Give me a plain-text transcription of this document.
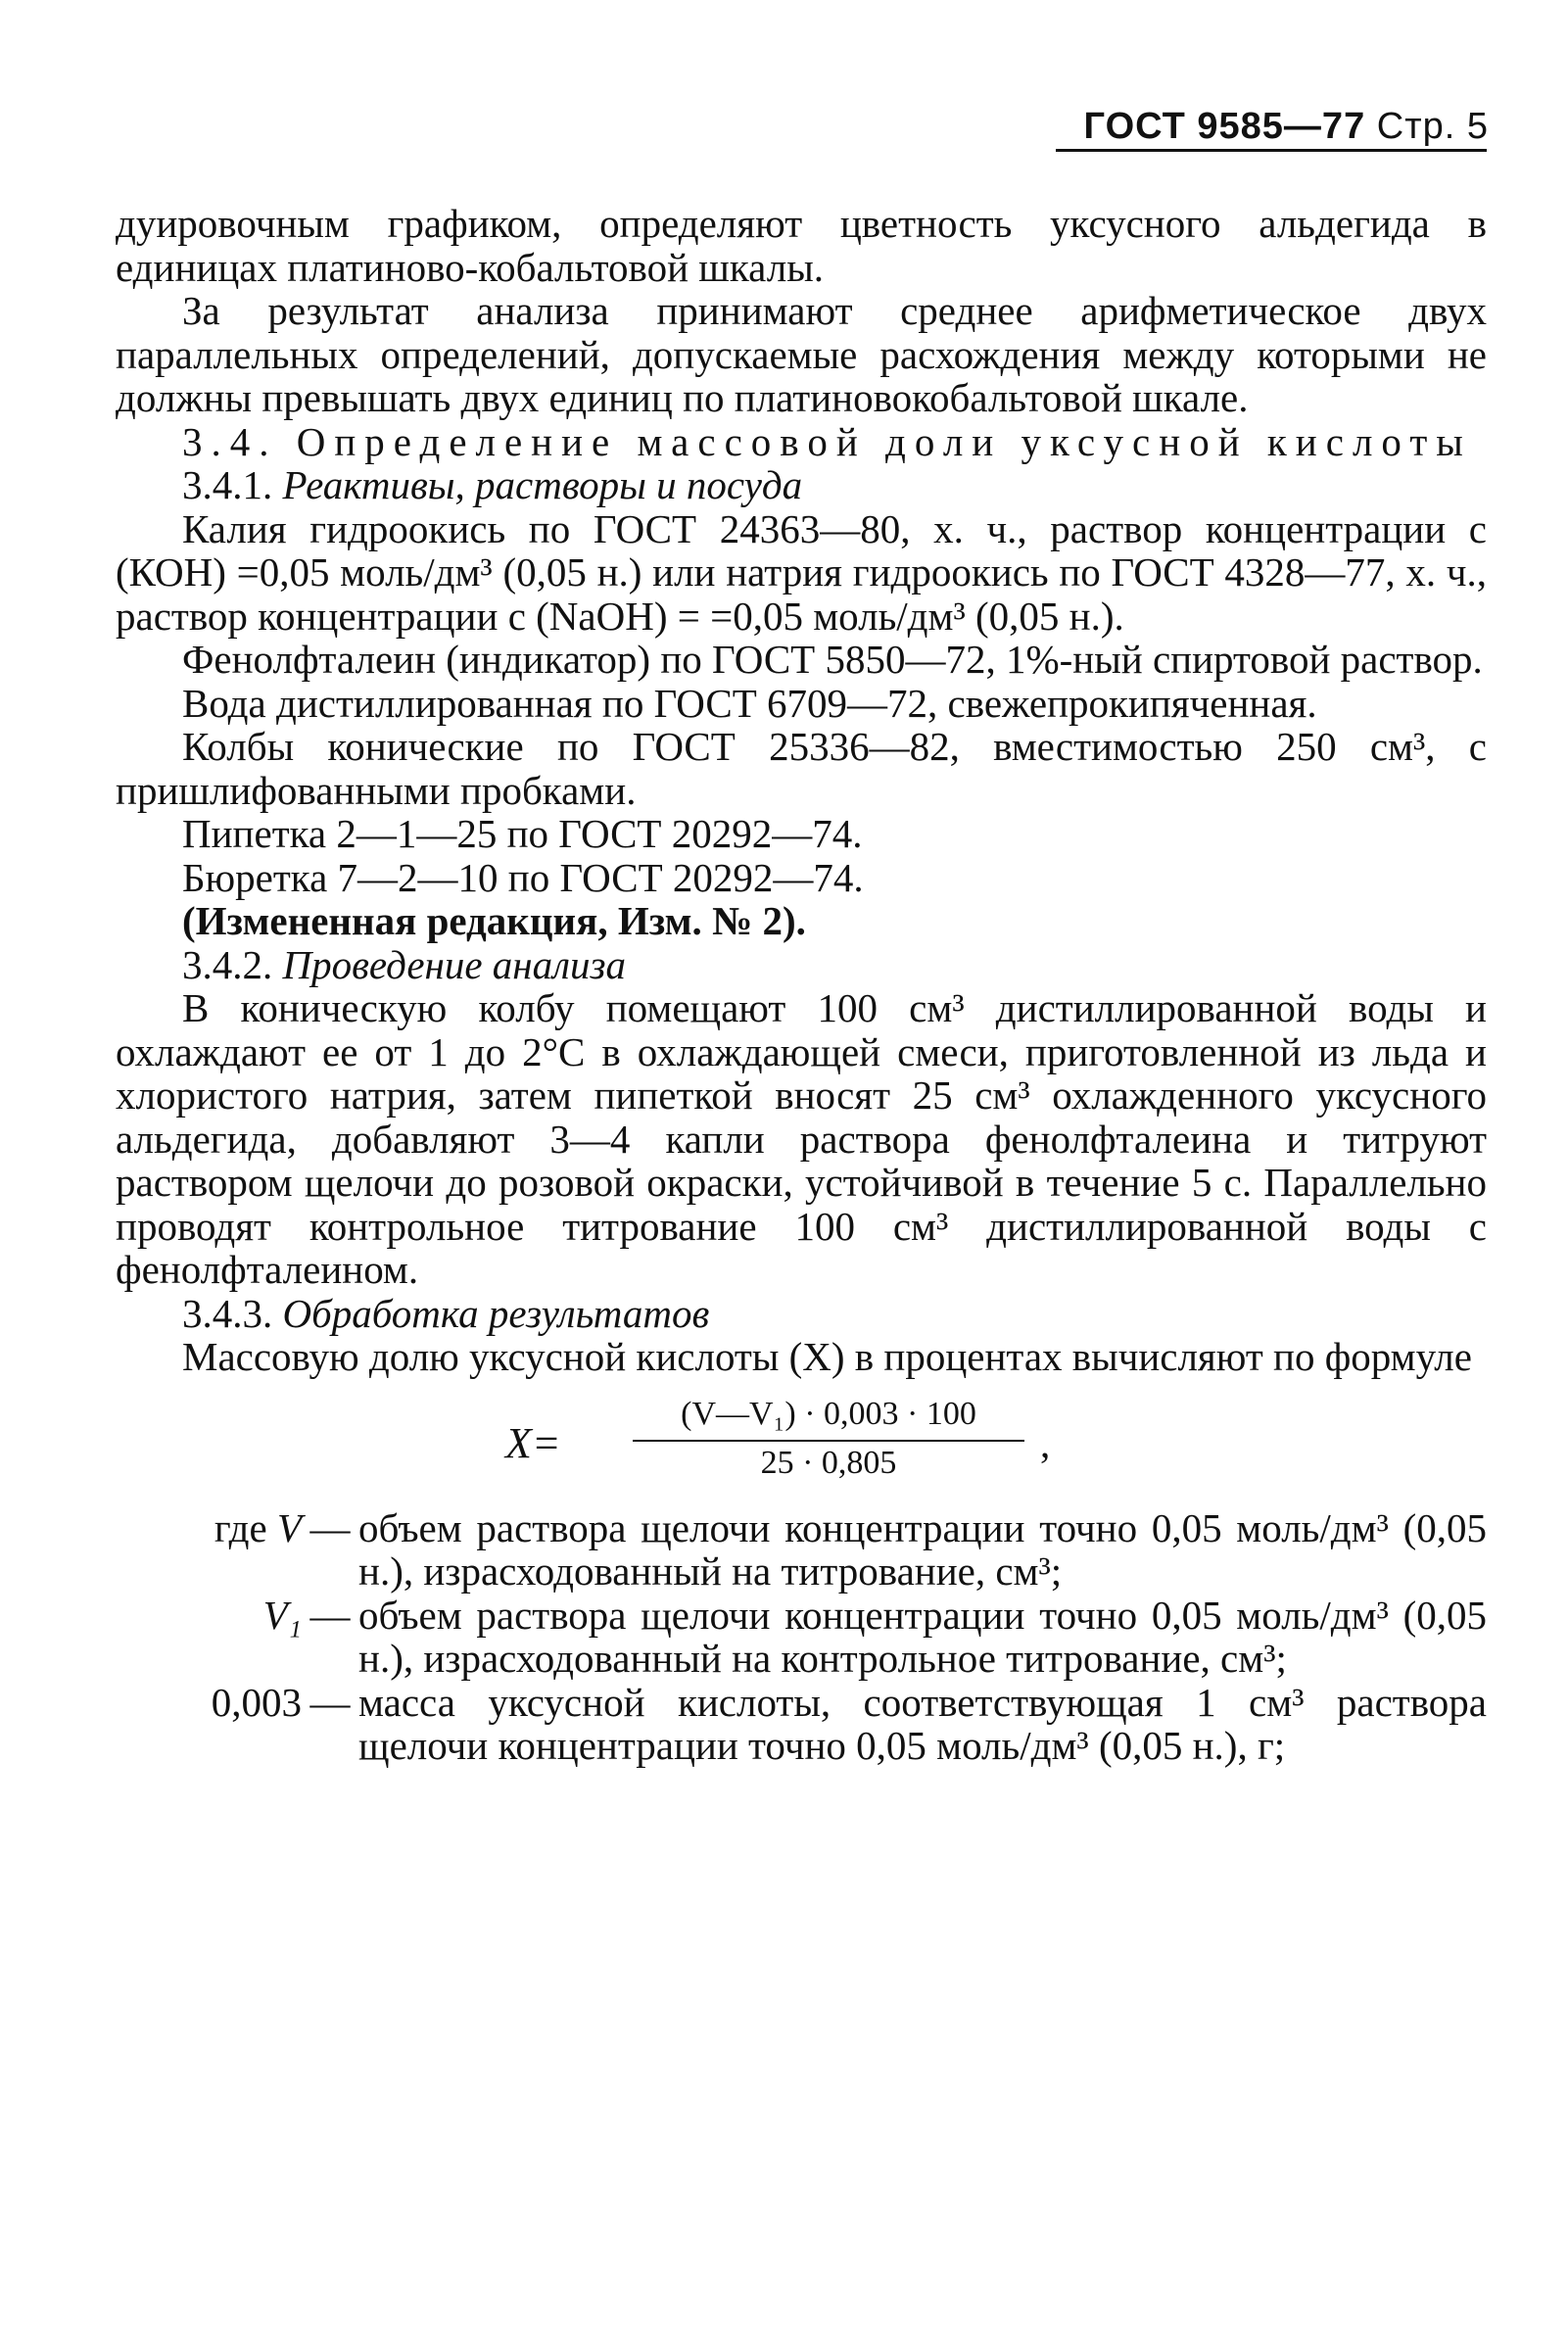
ГОСТ 9585—77 Стр. 5

дуировочным графиком, определяют цветность уксусного альдегида в единицах платиново-кобальтовой шкалы.

За результат анализа принимают среднее арифметическое двух параллельных определений, допускаемые расхождения между которыми не должны превышать двух единиц по платиновокобальтовой шкале.

3.4. Определение массовой доли уксусной кислоты

3.4.1. Реактивы, растворы и посуда

Калия гидроокись по ГОСТ 24363—80, х. ч., раствор концентрации с (КОН) =0,05 моль/дм³ (0,05 н.) или натрия гидроокись по ГОСТ 4328—77, х. ч., раствор концентрации с (NaOH) = =0,05 моль/дм³ (0,05 н.).

Фенолфталеин (индикатор) по ГОСТ 5850—72, 1%-ный спиртовой раствор.

Вода дистиллированная по ГОСТ 6709—72, свежепрокипяченная.

Колбы конические по ГОСТ 25336—82, вместимостью 250 см³, с пришлифованными пробками.

Пипетка 2—1—25 по ГОСТ 20292—74.

Бюретка 7—2—10 по ГОСТ 20292—74.

(Измененная редакция, Изм. № 2).

3.4.2. Проведение анализа

В коническую колбу помещают 100 см³ дистиллированной воды и охлаждают ее от 1 до 2°С в охлаждающей смеси, приготовленной из льда и хлористого натрия, затем пипеткой вносят 25 см³ охлажденного уксусного альдегида, добавляют 3—4 капли раствора фенолфталеина и титруют раствором щелочи до розовой окраски, устойчивой в течение 5 с. Параллельно проводят контрольное титрование 100 см³ дистиллированной воды с фенолфталеином.

3.4.3. Обработка результатов

Массовую долю уксусной кислоты (X) в процентах вычисляют по формуле

$X= \frac{\text{(V—V₁) · 0,003 · 100}}{25 \cdot 0,805}$ ,
где V — объем раствора щелочи концентрации точно 0,05 моль/дм³ (0,05 н.), израсходованный на титрование, см³;
V₁ — объем раствора щелочи концентрации точно 0,05 моль/дм³ (0,05 н.), израсходованный на контрольное титрование, см³;
0,003 — масса уксусной кислоты, соответствующая 1 см³ раствора щелочи концентрации точно 0,05 моль/дм³ (0,05 н.), г;
